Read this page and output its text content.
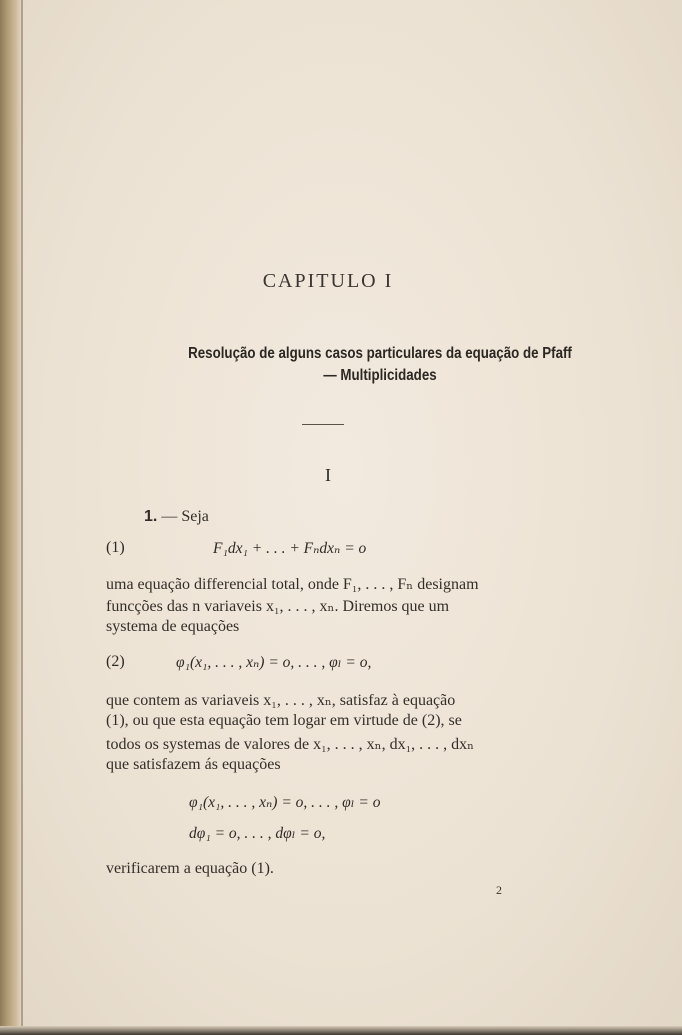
CAPITULO I
Resolução de alguns casos particulares da equação de Pfaff
— Multiplicidades
I
1. — Seja
(1)	F₁dx₁ + . . . + Fₙdxₙ = o
uma equação differencial total, onde F₁, . . . , Fₙ designam
funcções das n variaveis x₁, . . . , xₙ. Diremos que um
systema de equações
(2)	φ₁(x₁, . . . , xₙ) = o, . . . , φₗ = o,
que contem as variaveis x₁, . . . , xₙ, satisfaz à equação
(1), ou que esta equação tem logar em virtude de (2), se
todos os systemas de valores de x₁, . . . , xₙ, dx₁, . . . , dxₙ
que satisfazem ás equações
φ₁(x₁, . . . , xₙ) = o, . . . , φₗ = o
dφ₁ = o, . . . , dφₗ = o,
verificarem a equação (1).
2
